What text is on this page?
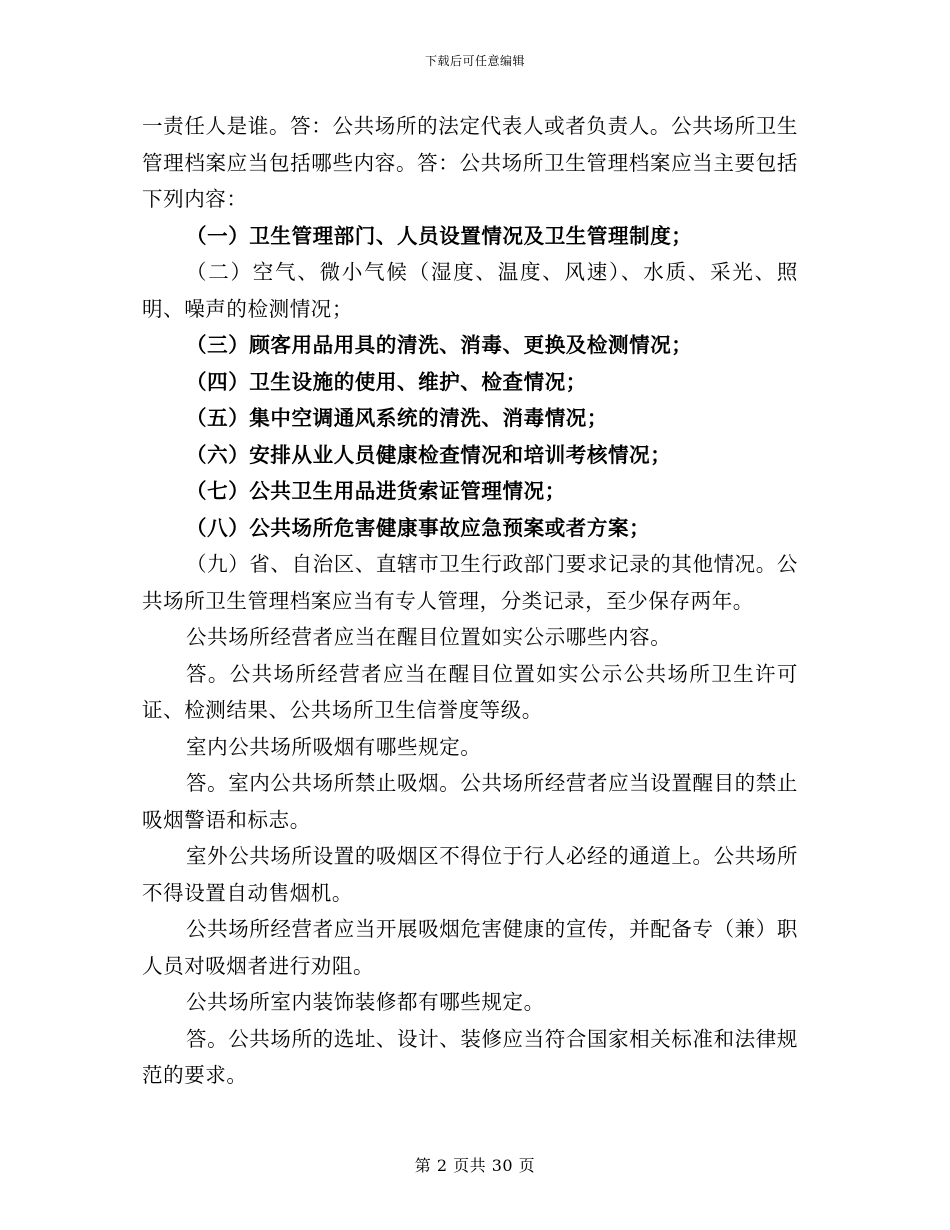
下载后可任意编辑

一责任人是谁。答：公共场所的法定代表人或者负责人。公共场所卫生管理档案应当包括哪些内容。答：公共场所卫生管理档案应当主要包括下列内容：

（一）卫生管理部门、人员设置情况及卫生管理制度；

（二）空气、微小气候（湿度、温度、风速）、水质、采光、照明、噪声的检测情况；

（三）顾客用品用具的清洗、消毒、更换及检测情况；

（四）卫生设施的使用、维护、检查情况；

（五）集中空调通风系统的清洗、消毒情况；

（六）安排从业人员健康检查情况和培训考核情况；

（七）公共卫生用品进货索证管理情况；

（八）公共场所危害健康事故应急预案或者方案；

（九）省、自治区、直辖市卫生行政部门要求记录的其他情况。公共场所卫生管理档案应当有专人管理，分类记录，至少保存两年。

公共场所经营者应当在醒目位置如实公示哪些内容。

答。公共场所经营者应当在醒目位置如实公示公共场所卫生许可证、检测结果、公共场所卫生信誉度等级。

室内公共场所吸烟有哪些规定。

答。室内公共场所禁止吸烟。公共场所经营者应当设置醒目的禁止吸烟警语和标志。

室外公共场所设置的吸烟区不得位于行人必经的通道上。公共场所不得设置自动售烟机。

公共场所经营者应当开展吸烟危害健康的宣传，并配备专（兼）职人员对吸烟者进行劝阻。

公共场所室内装饰装修都有哪些规定。

答。公共场所的选址、设计、装修应当符合国家相关标准和法律规范的要求。

第 2 页共 30 页
